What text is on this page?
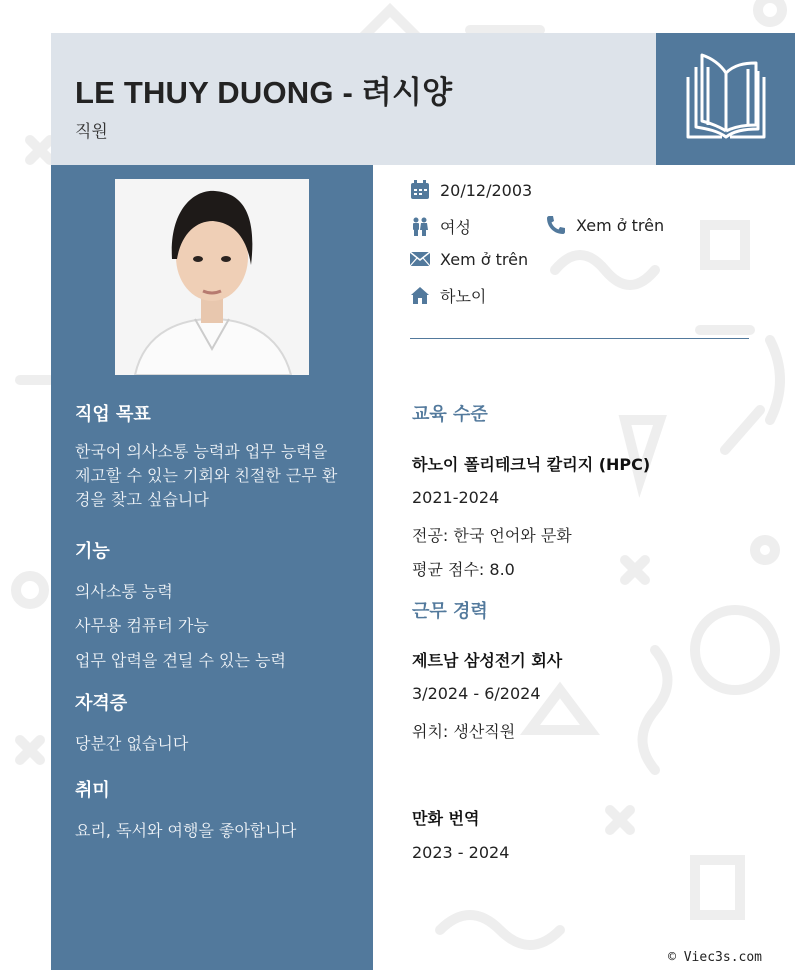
LE THUY DUONG - 려시양
직원
직업 목표
한국어 의사소통 능력과 업무 능력을 제고할 수 있는 기회와 친절한 근무 환경을 찾고 싶습니다
기능
의사소통 능력
사무용 컴퓨터 가능
업무 압력을 견딜 수 있는 능력
자격증
당분간 없습니다
취미
요리, 독서와 여행을 좋아합니다
20/12/2003
여성	Xem ở trên
Xem ở trên
하노이
교육 수준
하노이 폴리테크닉 칼리지 (HPC)
2021-2024
전공: 한국 언어와 문화
평균 점수: 8.0
근무 경력
제트남 삼성전기 회사
3/2024 - 6/2024
위치: 생산직원
만화 번역
2023 - 2024
© Viec3s.com
